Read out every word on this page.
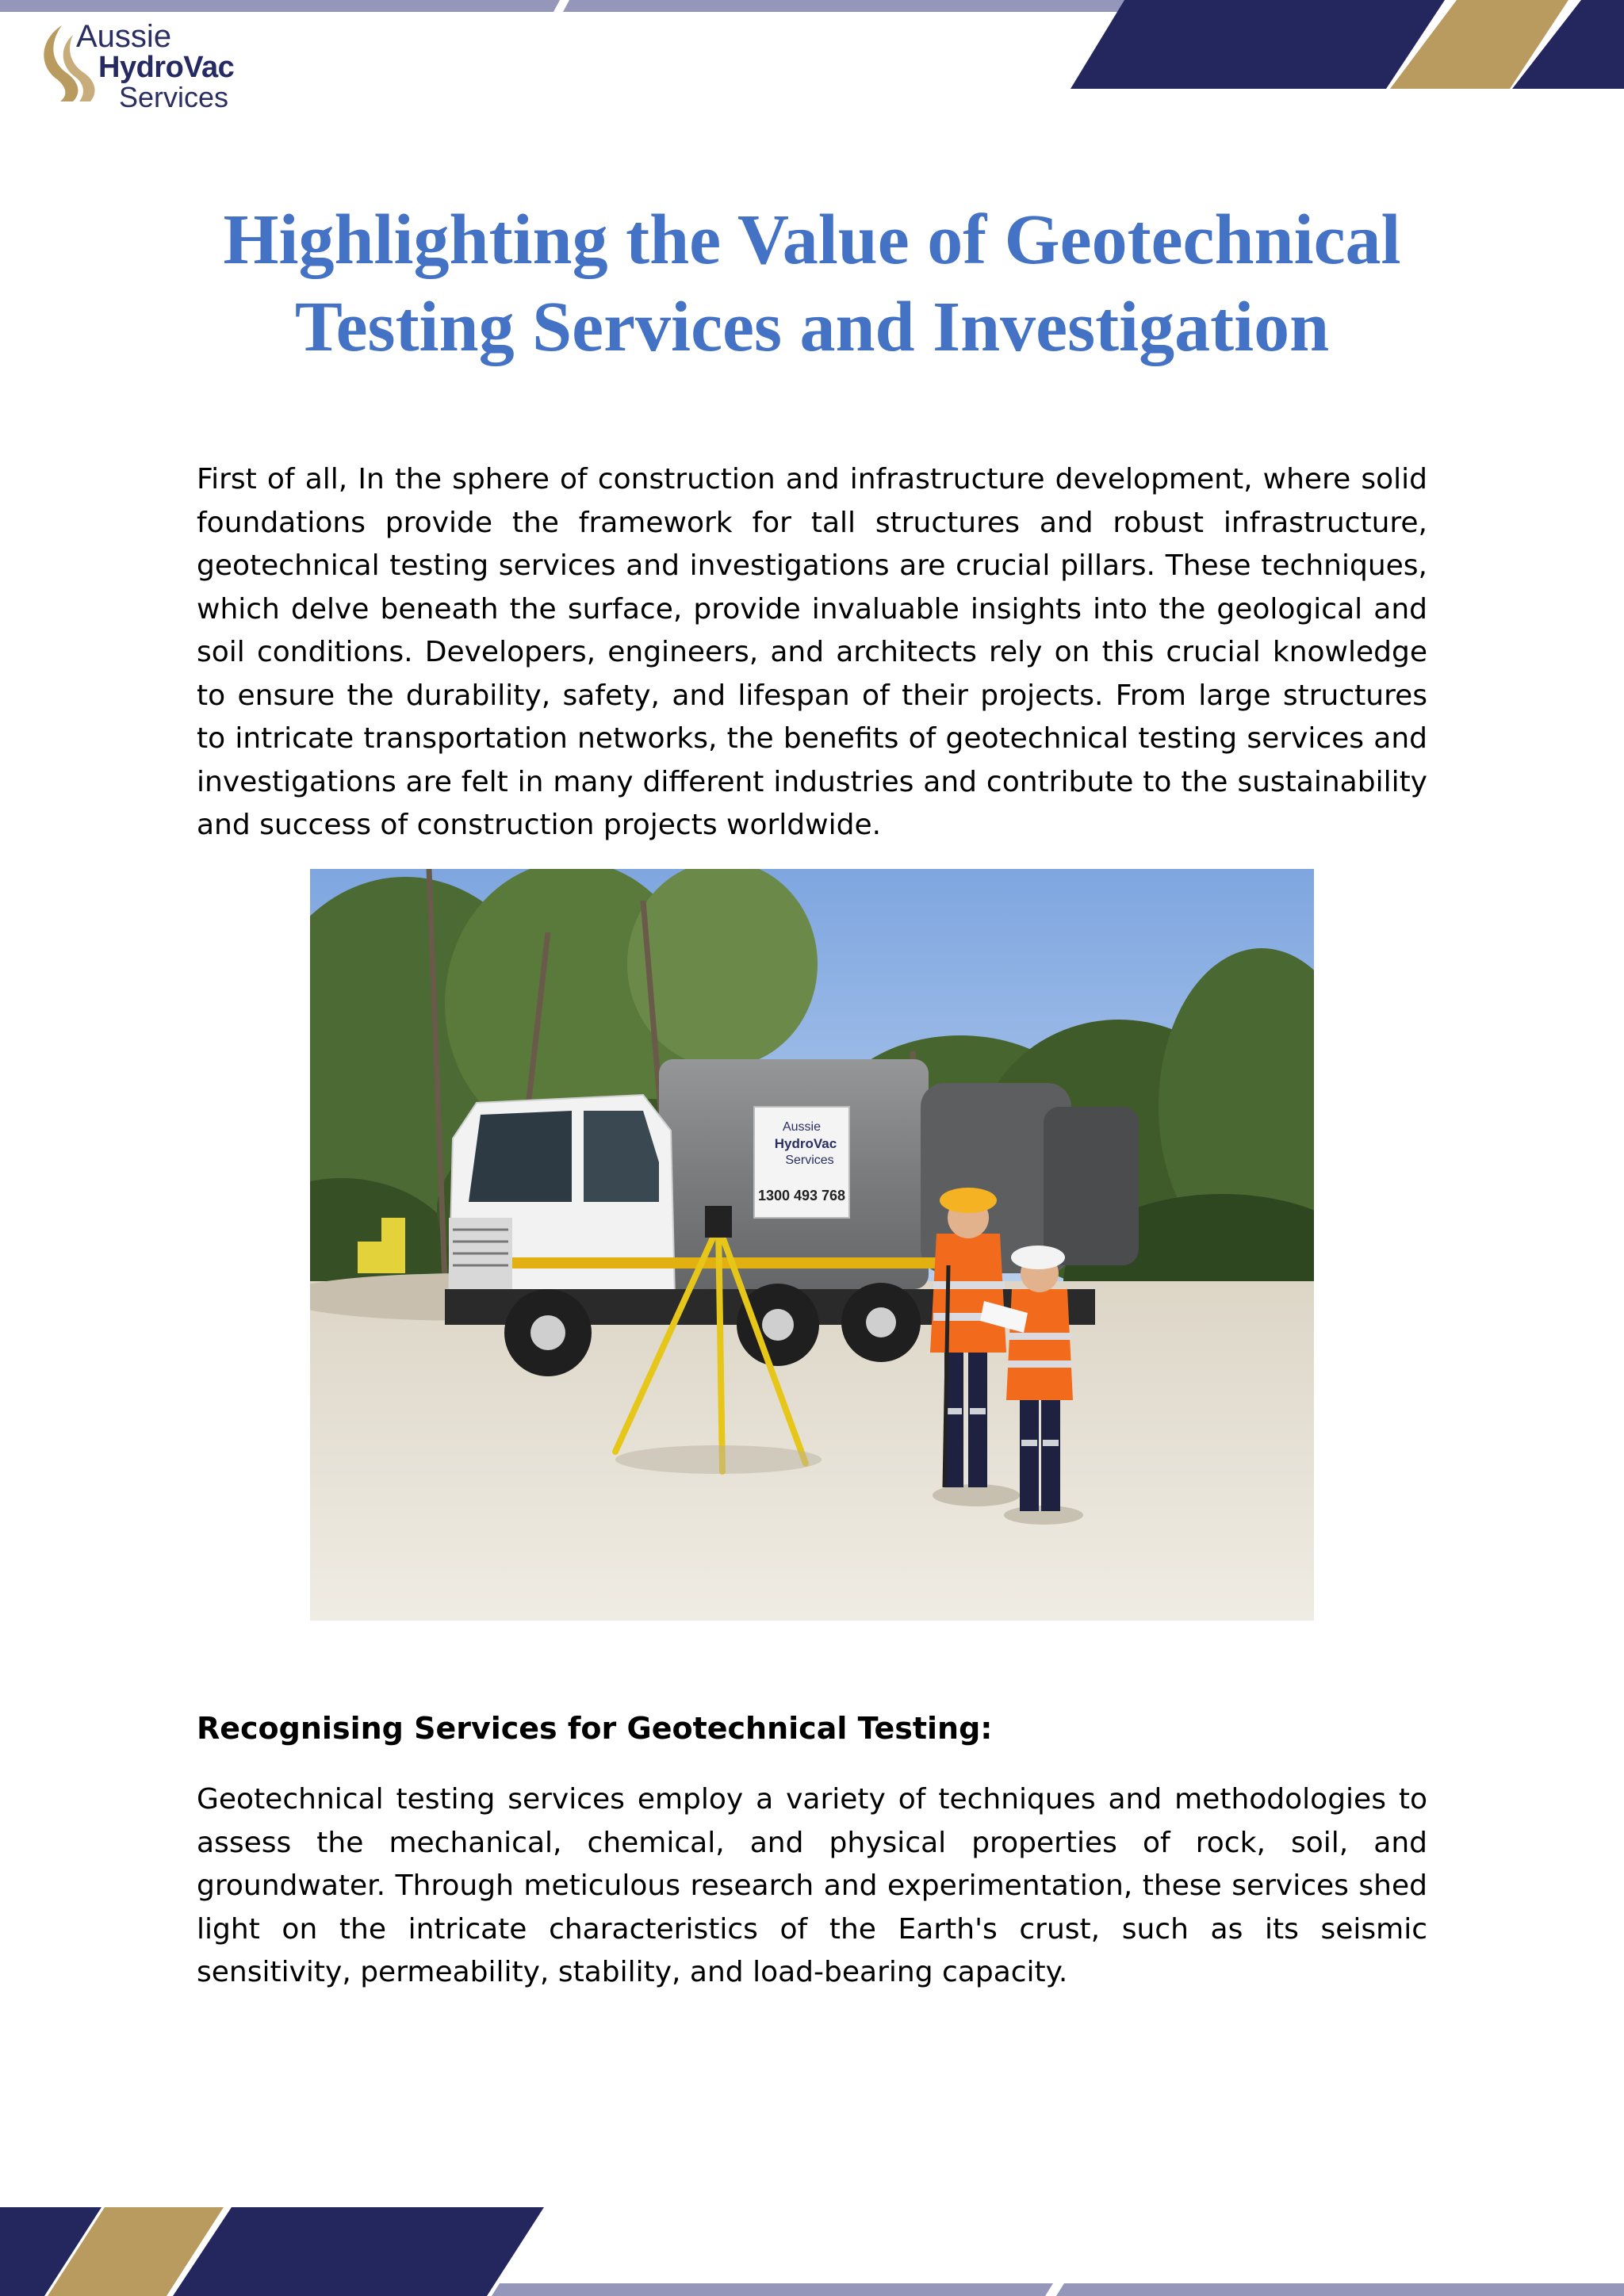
Aussie
HydroVac
Services
Highlighting the Value of Geotechnical Testing Services and Investigation

First of all, In the sphere of construction and infrastructure development, where solid foundations provide the framework for tall structures and robust infrastructure, geotechnical testing services and investigations are crucial pillars. These techniques, which delve beneath the surface, provide invaluable insights into the geological and soil conditions. Developers, engineers, and architects rely on this crucial knowledge to ensure the durability, safety, and lifespan of their projects. From large structures to intricate transportation networks, the benefits of geotechnical testing services and investigations are felt in many different industries and contribute to the sustainability and success of construction projects worldwide.

Aussie
HydroVac
Services
1300 493 768
Recognising Services for Geotechnical Testing:

Geotechnical testing services employ a variety of techniques and methodologies to assess the mechanical, chemical, and physical properties of rock, soil, and groundwater. Through meticulous research and experimentation, these services shed light on the intricate characteristics of the Earth's crust, such as its seismic sensitivity, permeability, stability, and load-bearing capacity.
